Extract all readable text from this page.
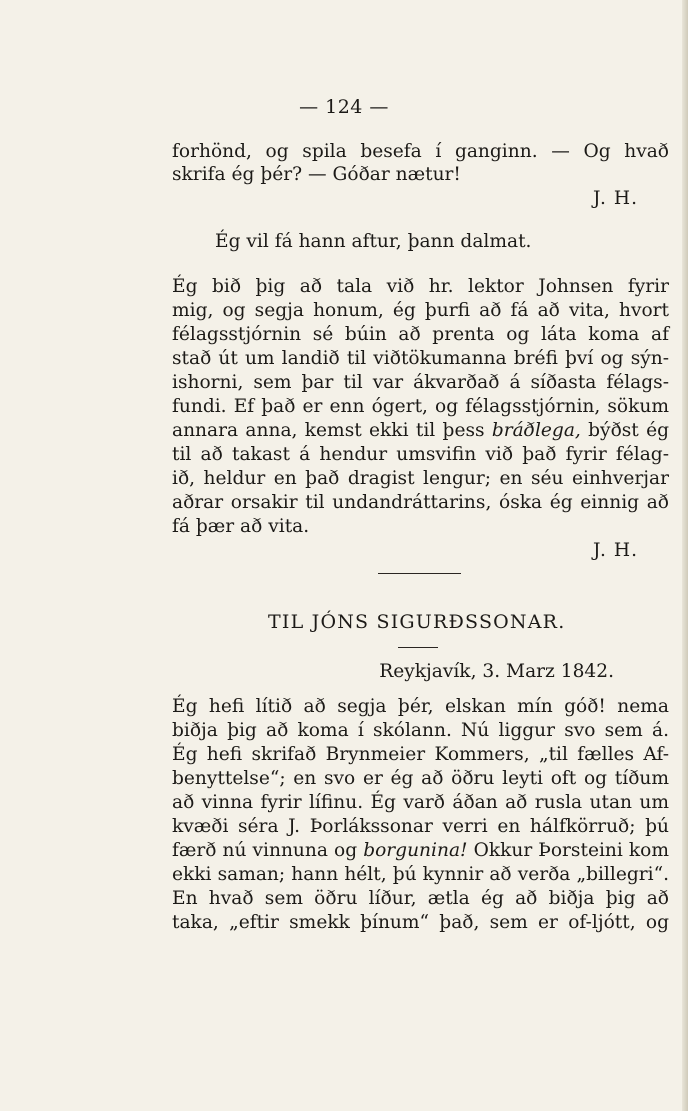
— 124 —
forhönd, og spila besefa í ganginn. — Og hvað
skrifa ég þér? — Góðar nætur!
J. H.
Ég vil fá hann aftur, þann dalmat.
Ég bið þig að tala við hr. lektor Johnsen fyrir
mig, og segja honum, ég þurfi að fá að vita, hvort
félagsstjórnin sé búin að prenta og láta koma af
stað út um landið til viðtökumanna bréfi því og sýn-
ishorni, sem þar til var ákvarðað á síðasta félags-
fundi. Ef það er enn ógert, og félagsstjórnin, sökum
annara anna, kemst ekki til þess bráðlega, býðst ég
til að takast á hendur umsvifin við það fyrir félag-
ið, heldur en það dragist lengur; en séu einhverjar
aðrar orsakir til undandráttarins, óska ég einnig að
fá þær að vita.
J. H.
TIL JÓNS SIGURÐSSONAR.
Reykjavík, 3. Marz 1842.
Ég hefi lítið að segja þér, elskan mín góð! nema
biðja þig að koma í skólann. Nú liggur svo sem á.
Ég hefi skrifað Brynmeier Kommers, „til fælles Af-
benyttelse“; en svo er ég að öðru leyti oft og tíðum
að vinna fyrir lífinu. Ég varð áðan að rusla utan um
kvæði séra J. Þorlákssonar verri en hálfkörruð; þú
færð nú vinnuna og borgunina! Okkur Þorsteini kom
ekki saman; hann hélt, þú kynnir að verða „billegri“.
En hvað sem öðru líður, ætla ég að biðja þig að
taka, „eftir smekk þínum“ það, sem er of-ljótt, og
